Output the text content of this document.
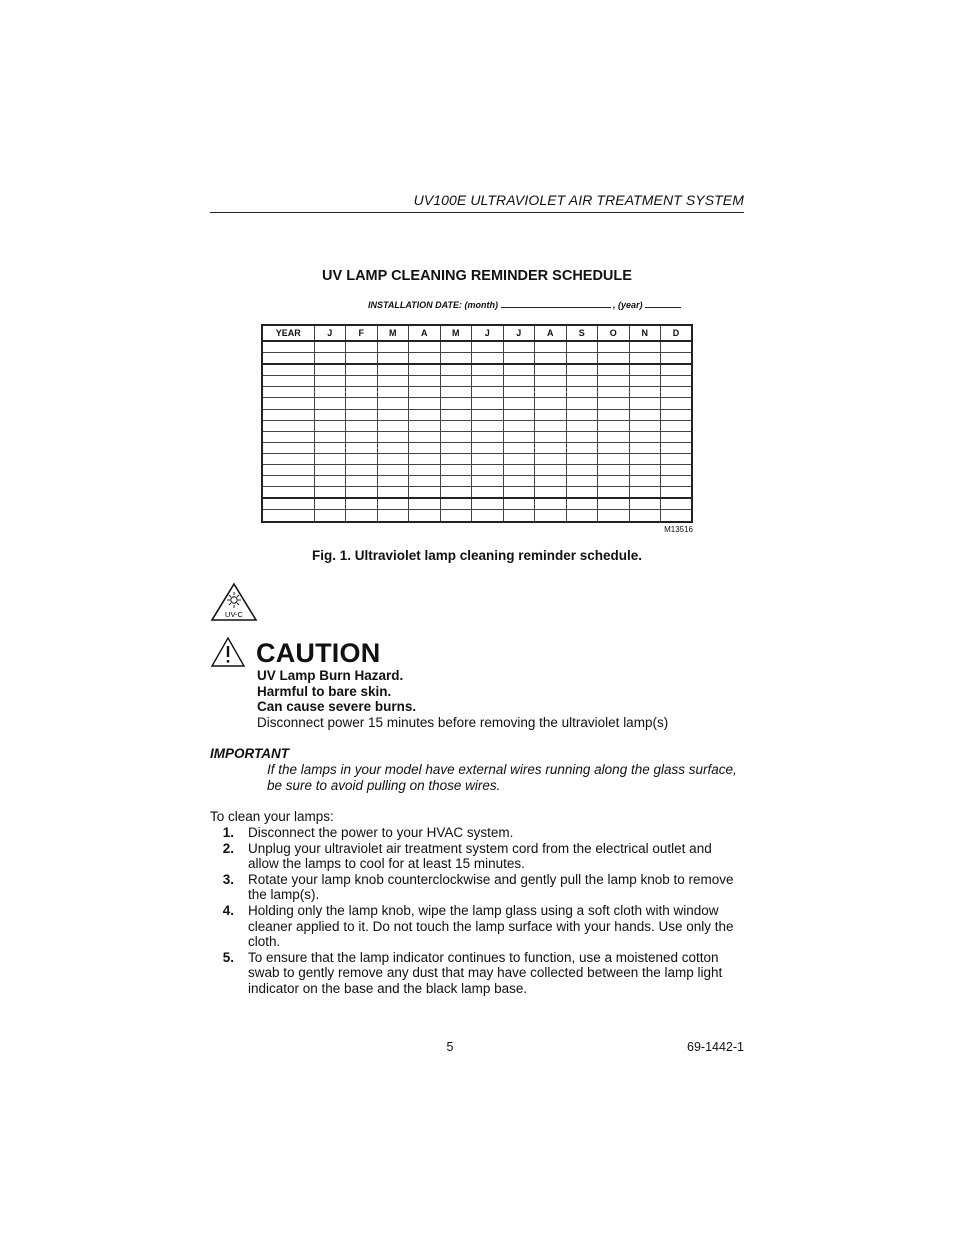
UV100E ULTRAVIOLET AIR TREATMENT SYSTEM
UV LAMP CLEANING REMINDER SCHEDULE
INSTALLATION DATE: (month)	, (year)
YEAR	J	F	M	A	M	J	J	A	S	O	N	D

M13516
Fig. 1. Ultraviolet lamp cleaning reminder schedule.
UV-C
CAUTION
UV Lamp Burn Hazard.
Harmful to bare skin.
Can cause severe burns.
Disconnect power 15 minutes before removing the ultraviolet lamp(s)
IMPORTANT
If the lamps in your model have external wires running along the glass surface, be sure to avoid pulling on those wires.
To clean your lamps:
1. Disconnect the power to your HVAC system.
2. Unplug your ultraviolet air treatment system cord from the electrical outlet and allow the lamps to cool for at least 15 minutes.
3. Rotate your lamp knob counterclockwise and gently pull the lamp knob to remove the lamp(s).
4. Holding only the lamp knob, wipe the lamp glass using a soft cloth with window cleaner applied to it. Do not touch the lamp surface with your hands. Use only the cloth.
5. To ensure that the lamp indicator continues to function, use a moistened cotton swab to gently remove any dust that may have collected between the lamp light indicator on the base and the black lamp base.
5	69-1442-1
